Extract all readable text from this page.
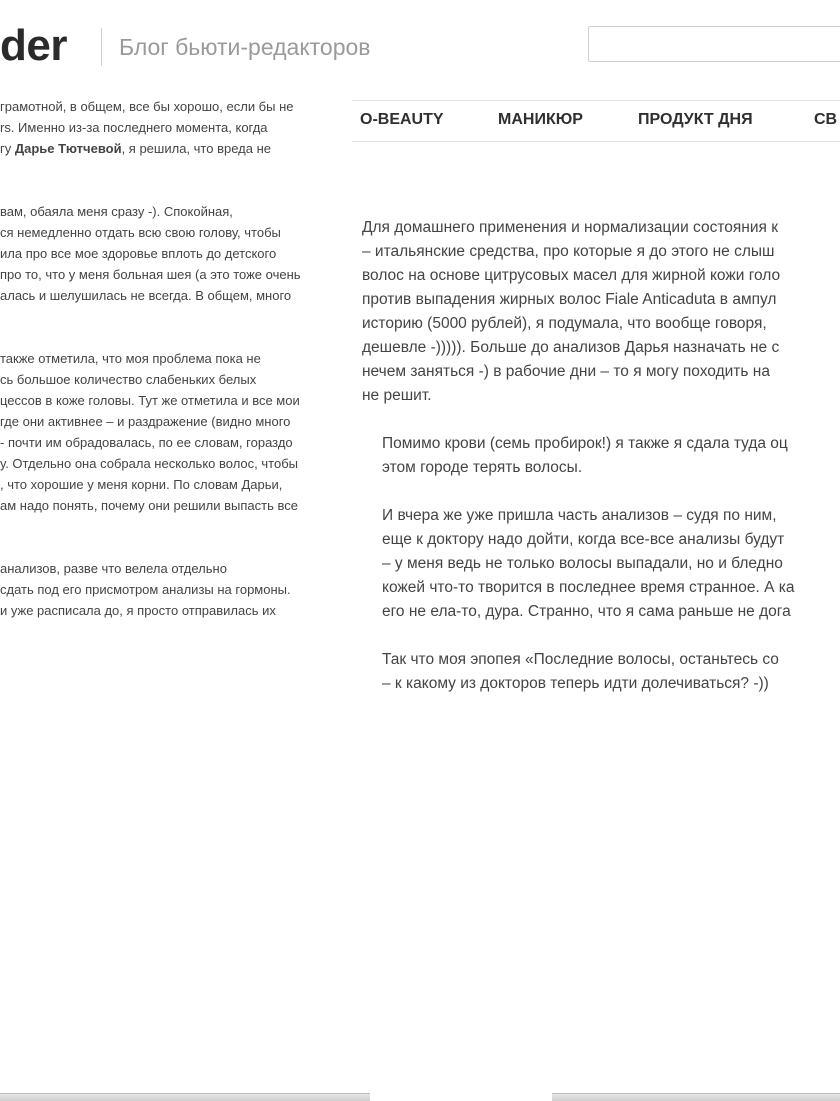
der Блог бьюти-редакторов

грамотной, в общем, все бы хорошо, если бы не
rs. Именно из-за последнего момента, когда
гу Дарье Тютчевой, я решила, что вреда не

вам, обаяла меня сразу -). Спокойная,
ся немедленно отдать всю свою голову, чтобы
ила про все мое здоровье вплоть до детского
про то, что у меня больная шея (а это тоже очень
алась и шелушилась не всегда. В общем, много

также отметила, что моя проблема пока не
сь большое количество слабеньких белых
цессов в коже головы. Тут же отметила и все мои
где они активнее – и раздражение (видно много
- почти им обрадовалась, по ее словам, гораздо
у. Отдельно она собрала несколько волос, чтобы
, что хорошие у меня корни. По словам Дарьи,
ам надо понять, почему они решили выпасть все

анализов, разве что велела отдельно
сдать под его присмотром анализы на гормоны.
и уже расписала до, я просто отправилась их

O-BEAUTY	МАНИКЮР	ПРОДУКТ ДНЯ	СВ
Для домашнего применения и нормализации состояния к
– итальянские средства, про которые я до этого не слыш
волос на основе цитрусовых масел для жирной кожи голо
против выпадения жирных волос Fiale Anticaduta в ампул
историю (5000 рублей), я подумала, что вообще говоря,
дешевле -))))). Больше до анализов Дарья назначать не с
нечем заняться -) в рабочие дни – то я могу походить на
не решит.
Помимо крови (семь пробирок!) я также я сдала туда оц
этом городе терять волосы.
И вчера же уже пришла часть анализов – судя по ним,
еще к доктору надо дойти, когда все-все анализы будут
– у меня ведь не только волосы выпадали, но и бледно
кожей что-то творится в последнее время странное. А ка
его не ела-то, дура. Странно, что я сама раньше не дога
Так что моя эпопея «Последние волосы, останьтесь со
– к какому из докторов теперь идти долечиваться? -))
